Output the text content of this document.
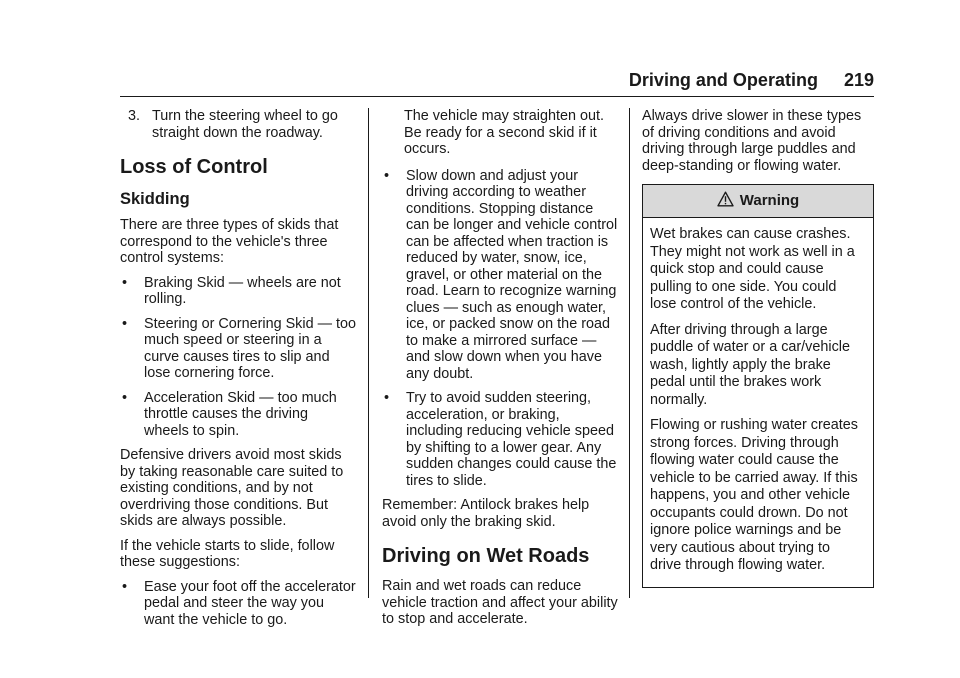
Driving and Operating 219
3. Turn the steering wheel to go straight down the roadway.
Loss of Control
Skidding

There are three types of skids that correspond to the vehicle's three control systems:

•	Braking Skid — wheels are not rolling.
•	Steering or Cornering Skid — too much speed or steering in a curve causes tires to slip and lose cornering force.
•	Acceleration Skid — too much throttle causes the driving wheels to spin.

Defensive drivers avoid most skids by taking reasonable care suited to existing conditions, and by not overdriving those conditions. But skids are always possible.

If the vehicle starts to slide, follow these suggestions:

•	Ease your foot off the accelerator pedal and steer the way you want the vehicle to go.

The vehicle may straighten out. Be ready for a second skid if it occurs.

•	Slow down and adjust your driving according to weather conditions. Stopping distance can be longer and vehicle control can be affected when traction is reduced by water, snow, ice, gravel, or other material on the road. Learn to recognize warning clues — such as enough water, ice, or packed snow on the road to make a mirrored surface — and slow down when you have any doubt.
•	Try to avoid sudden steering, acceleration, or braking, including reducing vehicle speed by shifting to a lower gear. Any sudden changes could cause the tires to slide.

Remember: Antilock brakes help avoid only the braking skid.

Driving on Wet Roads

Rain and wet roads can reduce vehicle traction and affect your ability to stop and accelerate.

Always drive slower in these types of driving conditions and avoid driving through large puddles and deep-standing or flowing water.

Warning

Wet brakes can cause crashes. They might not work as well in a quick stop and could cause pulling to one side. You could lose control of the vehicle.

After driving through a large puddle of water or a car/vehicle wash, lightly apply the brake pedal until the brakes work normally.

Flowing or rushing water creates strong forces. Driving through flowing water could cause the vehicle to be carried away. If this happens, you and other vehicle occupants could drown. Do not ignore police warnings and be very cautious about trying to drive through flowing water.
